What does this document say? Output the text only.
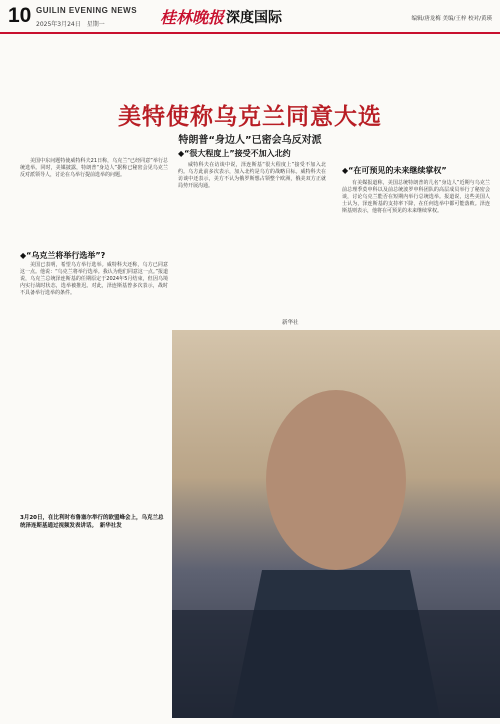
10 GUILIN EVENING NEWS
2025年3月24日　星期一	桂林晚报 深度国际	编辑/唐龙梅 美编/王梓 校对/黄瑛
美特使称乌克兰同意大选
特朗普“身边人”已密会乌反对派

美国中东问题特使威特科夫21日称，乌克兰“已经同意”举行总统选举。同时，美媒披露，特朗普“身边人”据称已秘密会见乌克兰反对派领导人，讨论在乌举行提前选举的问题。

◆“乌克兰将举行选举”?

美国已表明，希望乌方举行选举。威特科夫还称，乌方已同意这一点。他说：“乌克兰将举行选举。我认为他们同意这一点。”报道说，乌克兰总统泽连斯基的任期原定于2024年5月结束，但因乌境内实行战时状态，选举被推迟。对此，泽连斯基曾多次表示，战时不具备举行选举的条件。

◆“很大程度上”接受不加入北约

威特科夫在访谈中说，泽连斯基“很大程度上”接受不加入北约。乌方此前多次表示，加入北约是乌方的战略目标。威特科夫在访谈中还表示，美方不认为俄罗斯想占领整个欧洲，俄美双方正就局势开展沟通。

新华社
◆“在可预见的未来继续掌权”

有美媒报道称，美国总统特朗普的几名“身边人”近期与乌克兰前总理季莫申科以及前总统波罗申科团队的高层成员举行了秘密会谈，讨论乌克兰能否在短期内举行总统选举。报道说，这些美国人士认为，泽连斯基的支持率下降，在任何选举中都可能落败。泽连斯基则表示，他将在可预见的未来继续掌权。

3月20日，在比利时布鲁塞尔举行的欧盟峰会上，乌克兰总统泽连斯基通过视频发表讲话。　新华社发
